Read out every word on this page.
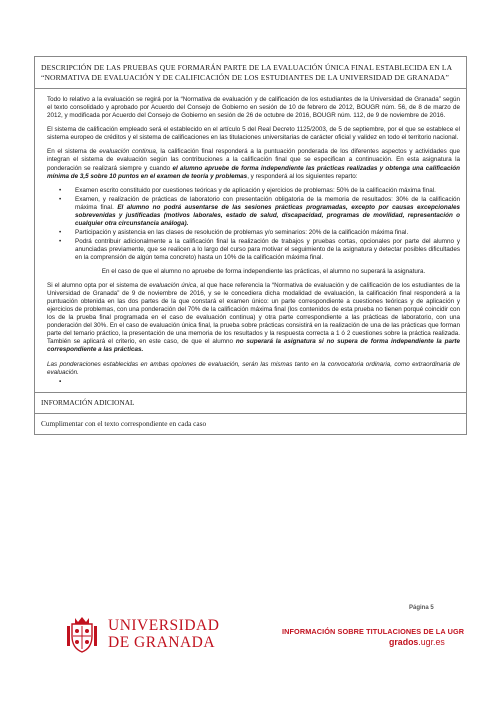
DESCRIPCIÓN DE LAS PRUEBAS QUE FORMARÁN PARTE DE LA EVALUACIÓN ÚNICA FINAL ESTABLECIDA EN LA “NORMATIVA DE EVALUACIÓN Y DE CALIFICACIÓN DE LOS ESTUDIANTES DE LA UNIVERSIDAD DE GRANADA”

Todo lo relativo a la evaluación se regirá por la “Normativa de evaluación y de calificación de los estudiantes de la Universidad de Granada” según el texto consolidado y aprobado por Acuerdo del Consejo de Gobierno en sesión de 10 de febrero de 2012, BOUGR núm. 56, de 8 de marzo de 2012, y modificada por Acuerdo del Consejo de Gobierno en sesión de 26 de octubre de 2016, BOUGR núm. 112, de 9 de noviembre de 2016.

El sistema de calificación empleado será el establecido en el artículo 5 del Real Decreto 1125/2003, de 5 de septiembre, por el que se establece el sistema europeo de créditos y el sistema de calificaciones en las titulaciones universitarias de carácter oficial y validez en todo el territorio nacional.

En el sistema de evaluación continua, la calificación final responderá a la puntuación ponderada de los diferentes aspectos y actividades que integran el sistema de evaluación según las contribuciones a la calificación final que se especifican a continuación. En esta asignatura la ponderación se realizará siempre y cuando el alumno apruebe de forma independiente las prácticas realizadas y obtenga una calificación mínima de 3,5 sobre 10 puntos en el examen de teoría y problemas, y responderá al los siguientes reparto:

• Examen escrito constituido por cuestiones teóricas y de aplicación y ejercicios de problemas: 50% de la calificación máxima final.
• Examen, y realización de prácticas de laboratorio con presentación obligatoria de la memoria de resultados: 30% de la calificación máxima final. El alumno no podrá ausentarse de las sesiones prácticas programadas, excepto por causas excepcionales sobrevenidas y justificadas (motivos laborales, estado de salud, discapacidad, programas de movilidad, representación o cualquier otra circunstancia análoga).
• Participación y asistencia en las clases de resolución de problemas y/o seminarios: 20% de la calificación máxima final.
• Podrá contribuir adicionalmente a la calificación final la realización de trabajos y pruebas cortas, opcionales por parte del alumno y anunciadas previamente, que se realicen a lo largo del curso para motivar el seguimiento de la asignatura y detectar posibles dificultades en la comprensión de algún tema concreto) hasta un 10% de la calificación máxima final.

En el caso de que el alumno no apruebe de forma independiente las prácticas, el alumno no superará la asignatura.

Si el alumno opta por el sistema de evaluación única, al que hace referencia la “Normativa de evaluación y de calificación de los estudiantes de la Universidad de Granada” de 9 de noviembre de 2016, y se le concediera dicha modalidad de evaluación, la calificación final responderá a la puntuación obtenida en las dos partes de la que constará el examen único: un parte correspondiente a cuestiones teóricas y de aplicación y ejercicios de problemas, con una ponderación del 70% de la calificación máxima final (los contenidos de esta prueba no tienen porqué coincidir con los de la prueba final programada en el caso de evaluación continua) y otra parte correspondiente a las prácticas de laboratorio, con una ponderación del 30%. En el caso de evaluación única final, la prueba sobre prácticas consistirá en la realización de una de las prácticas que forman parte del temario práctico, la presentación de una memoria de los resultados y la respuesta correcta a 1 ó 2 cuestiones sobre la práctica realizada. También se aplicará el criterio, en este caso, de que el alumno no superará la asignatura si no supera de forma independiente la parte correspondiente a las prácticas.

Las ponderaciones establecidas en ambas opciones de evaluación, serán las mismas tanto en la convocatoria ordinaria, como extraordinaria de evaluación.

▪
INFORMACIÓN ADICIONAL
Cumplimentar con el texto correspondiente en cada caso
UNIVERSIDAD
DE GRANADA
Página 5
INFORMACIÓN SOBRE TITULACIONES DE LA UGR
grados.ugr.es
